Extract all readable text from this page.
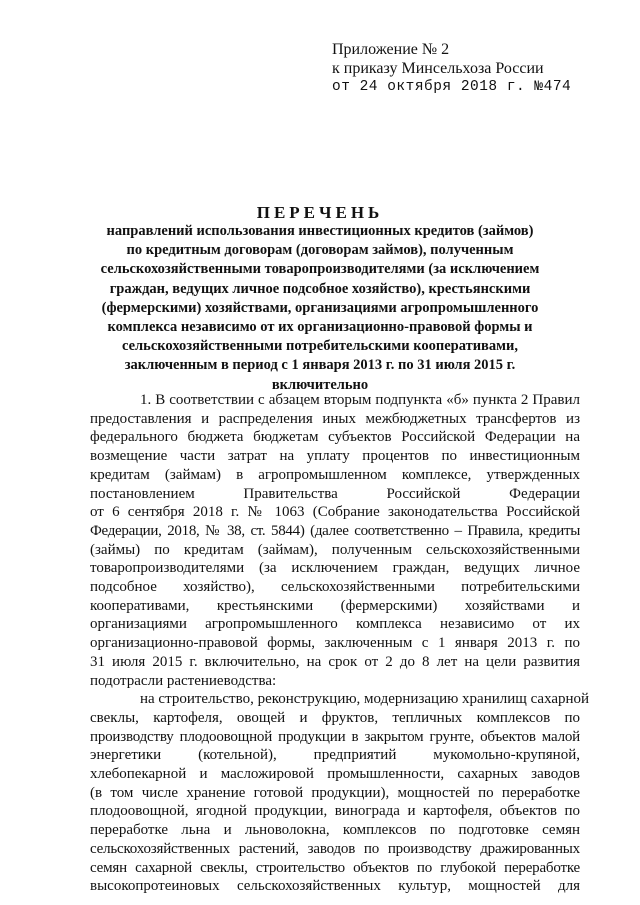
Приложение № 2
к приказу Минсельхоза России
от 24 октября 2018 г. №474
ПЕРЕЧЕНЬ
направлений использования инвестиционных кредитов (займов)
по кредитным договорам (договорам займов), полученным
сельскохозяйственными товаропроизводителями (за исключением
граждан, ведущих личное подсобное хозяйство), крестьянскими
(фермерскими) хозяйствами, организациями агропромышленного
комплекса независимо от их организационно-правовой формы и
сельскохозяйственными потребительскими кооперативами,
заключенным в период с 1 января 2013 г. по 31 июля 2015 г.
включительно
1. В соответствии с абзацем вторым подпункта «б» пункта 2 Правил
предоставления и распределения иных межбюджетных трансфертов из
федерального бюджета бюджетам субъектов Российской Федерации на
возмещение части затрат на уплату процентов по инвестиционным
кредитам (займам) в агропромышленном комплексе, утвержденных
постановлением Правительства Российской Федерации
от 6 сентября 2018 г. № 1063 (Собрание законодательства Российской
Федерации, 2018, № 38, ст. 5844) (далее соответственно – Правила, кредиты
(займы) по кредитам (займам), полученным сельскохозяйственными
товаропроизводителями (за исключением граждан, ведущих личное
подсобное хозяйство), сельскохозяйственными потребительскими
кооперативами, крестьянскими (фермерскими) хозяйствами и
организациями агропромышленного комплекса независимо от их
организационно-правовой формы, заключенным с 1 января 2013 г. по
31 июля 2015 г. включительно, на срок от 2 до 8 лет на цели развития
подотрасли растениеводства:
на строительство, реконструкцию, модернизацию хранилищ сахарной
свеклы, картофеля, овощей и фруктов, тепличных комплексов по
производству плодоовощной продукции в закрытом грунте, объектов малой
энергетики (котельной), предприятий мукомольно-крупяной,
хлебопекарной и масложировой промышленности, сахарных заводов
(в том числе хранение готовой продукции), мощностей по переработке
плодоовощной, ягодной продукции, винограда и картофеля, объектов по
переработке льна и льноволокна, комплексов по подготовке семян
сельскохозяйственных растений, заводов по производству дражированных
семян сахарной свеклы, строительство объектов по глубокой переработке
высокопротеиновых сельскохозяйственных культур, мощностей для
